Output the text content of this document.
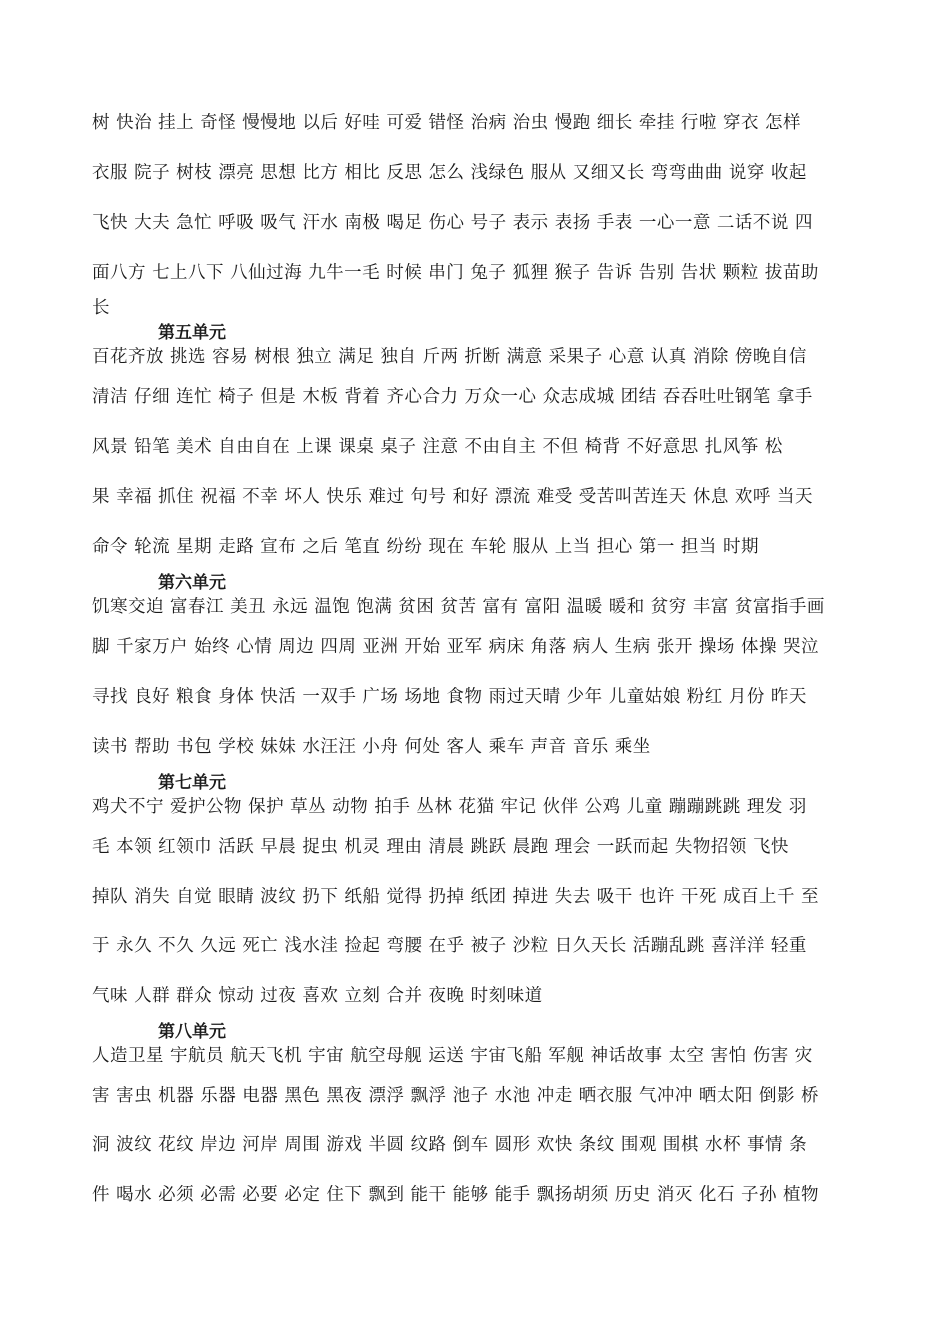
树 快治 挂上 奇怪 慢慢地 以后 好哇 可爱 错怪 治病 治虫 慢跑 细长 牵挂 行啦 穿衣 怎样
衣服 院子 树枝 漂亮 思想 比方 相比 反思 怎么 浅绿色 服从 又细又长 弯弯曲曲 说穿 收起
飞快 大夫 急忙 呼吸 吸气 汗水 南极 喝足 伤心 号子 表示 表扬 手表 一心一意 二话不说 四
面八方 七上八下 八仙过海 九牛一毛 时候 串门 兔子 狐狸 猴子 告诉 告别 告状 颗粒 拔苗助
长
第五单元
百花齐放 挑选 容易 树根 独立 满足 独自 斤两 折断 满意 采果子 心意 认真 消除 傍晚自信
清洁 仔细 连忙 椅子 但是 木板 背着 齐心合力 万众一心 众志成城 团结 吞吞吐吐钢笔 拿手
风景 铅笔 美术 自由自在 上课 课桌 桌子 注意 不由自主 不但 椅背 不好意思 扎风筝 松
果 幸福 抓住 祝福 不幸 坏人 快乐 难过 句号 和好 漂流 难受 受苦叫苦连天 休息 欢呼 当天
命令 轮流 星期 走路 宣布 之后 笔直 纷纷 现在 车轮 服从 上当 担心 第一 担当 时期
第六单元
饥寒交迫 富春江 美丑 永远 温饱 饱满 贫困 贫苦 富有 富阳 温暖 暖和 贫穷 丰富 贫富指手画
脚 千家万户 始终 心情 周边 四周 亚洲 开始 亚军 病床 角落 病人 生病 张开 操场 体操 哭泣
寻找 良好 粮食 身体 快活 一双手 广场 场地 食物 雨过天晴 少年 儿童姑娘 粉红 月份 昨天
读书 帮助 书包 学校 妹妹 水汪汪 小舟 何处 客人 乘车 声音 音乐 乘坐
第七单元
鸡犬不宁 爱护公物 保护 草丛 动物 拍手 丛林 花猫 牢记 伙伴 公鸡 儿童 蹦蹦跳跳 理发 羽
毛 本领 红领巾 活跃 早晨 捉虫 机灵 理由 清晨 跳跃 晨跑 理会 一跃而起 失物招领 飞快
掉队 消失 自觉 眼睛 波纹 扔下 纸船 觉得 扔掉 纸团 掉进 失去 吸干 也许 干死 成百上千 至
于 永久 不久 久远 死亡 浅水洼 捡起 弯腰 在乎 被子 沙粒 日久天长 活蹦乱跳 喜洋洋 轻重
气味 人群 群众 惊动 过夜 喜欢 立刻 合并 夜晚 时刻味道
第八单元
人造卫星 宇航员 航天飞机 宇宙 航空母舰 运送 宇宙飞船 军舰 神话故事 太空 害怕 伤害 灾
害 害虫 机器 乐器 电器 黑色 黑夜 漂浮 飘浮 池子 水池 冲走 晒衣服 气冲冲 晒太阳 倒影 桥
洞 波纹 花纹 岸边 河岸 周围 游戏 半圆 纹路 倒车 圆形 欢快 条纹 围观 围棋 水杯 事情 条
件 喝水 必须 必需 必要 必定 住下 飘到 能干 能够 能手 飘扬胡须 历史 消灭 化石 子孙 植物
